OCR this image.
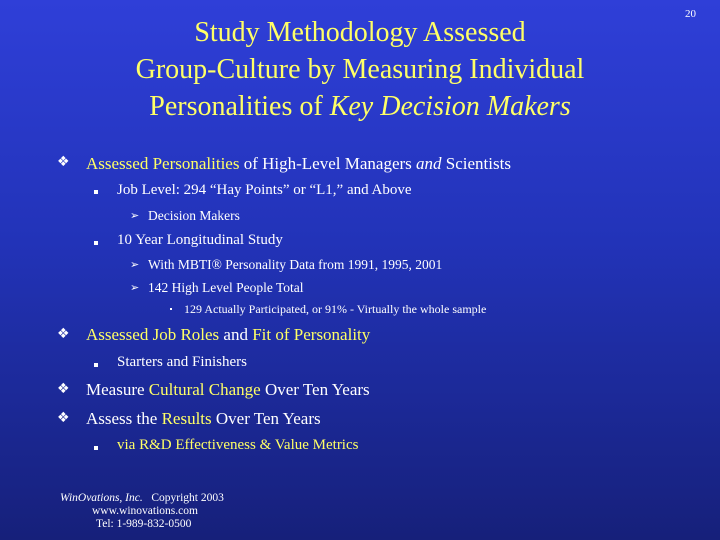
20
Study Methodology Assessed
Group-Culture by Measuring Individual
Personalities of Key Decision Makers
❖ Assessed Personalities of High-Level Managers and Scientists
Job Level: 294 “Hay Points” or “L1,” and Above
➢ Decision Makers
10 Year Longitudinal Study
➢ With MBTI® Personality Data from 1991, 1995, 2001
➢ 142 High Level People Total
129 Actually Participated, or 91% - Virtually the whole sample
❖ Assessed Job Roles and Fit of Personality
Starters and Finishers
❖ Measure Cultural Change Over Ten Years
❖ Assess the Results Over Ten Years
via R&D Effectiveness & Value Metrics
WinOvations, Inc.   Copyright 2003
www.winovations.com
Tel: 1-989-832-0500
